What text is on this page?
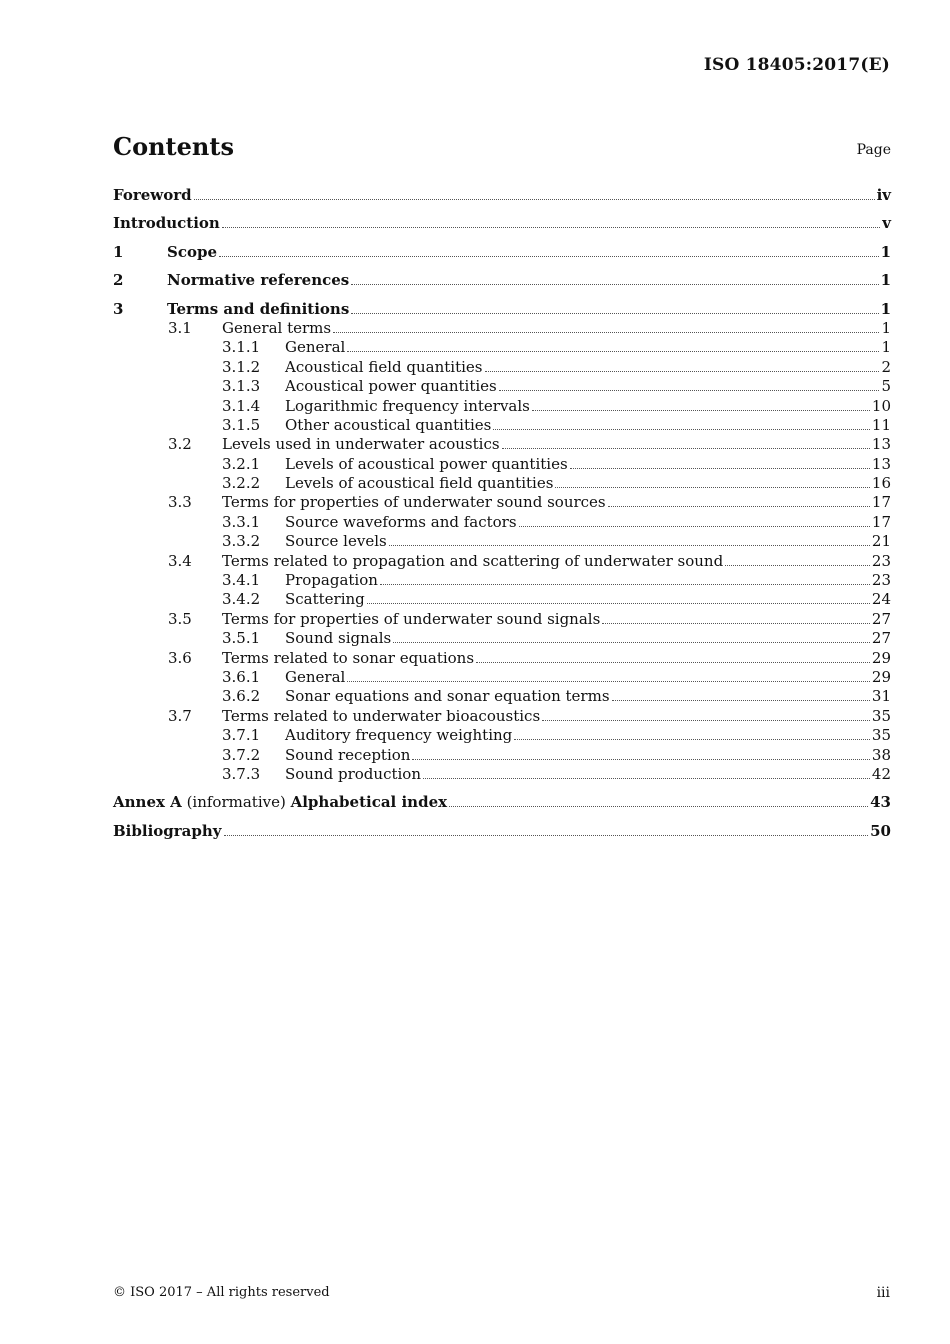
ISO 18405:2017(E)
Contents	Page
Foreword	iv
Introduction	v
1	Scope	1
2	Normative references	1
3	Terms and definitions	1
3.1	General terms	1
3.1.1	General	1
3.1.2	Acoustical field quantities	2
3.1.3	Acoustical power quantities	5
3.1.4	Logarithmic frequency intervals	10
3.1.5	Other acoustical quantities	11
3.2	Levels used in underwater acoustics	13
3.2.1	Levels of acoustical power quantities	13
3.2.2	Levels of acoustical field quantities	16
3.3	Terms for properties of underwater sound sources	17
3.3.1	Source waveforms and factors	17
3.3.2	Source levels	21
3.4	Terms related to propagation and scattering of underwater sound	23
3.4.1	Propagation	23
3.4.2	Scattering	24
3.5	Terms for properties of underwater sound signals	27
3.5.1	Sound signals	27
3.6	Terms related to sonar equations	29
3.6.1	General	29
3.6.2	Sonar equations and sonar equation terms	31
3.7	Terms related to underwater bioacoustics	35
3.7.1	Auditory frequency weighting	35
3.7.2	Sound reception	38
3.7.3	Sound production	42
Annex A (informative) Alphabetical index	43
Bibliography	50
© ISO 2017 – All rights reserved	iii
